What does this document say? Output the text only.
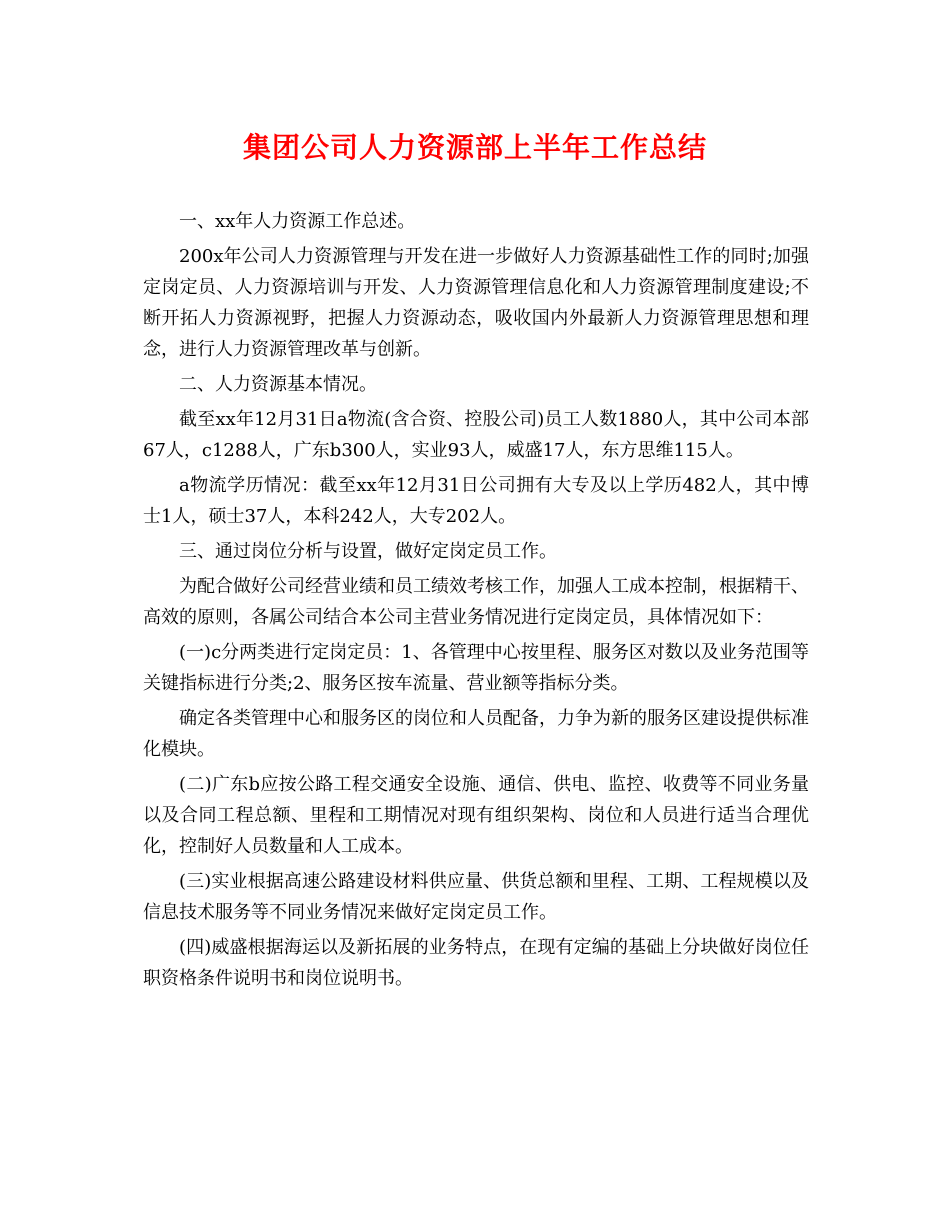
集团公司人力资源部上半年工作总结

一、xx年人力资源工作总述。

200x年公司人力资源管理与开发在进一步做好人力资源基础性工作的同时;加强定岗定员、人力资源培训与开发、人力资源管理信息化和人力资源管理制度建设;不断开拓人力资源视野，把握人力资源动态，吸收国内外最新人力资源管理思想和理念，进行人力资源管理改革与创新。

二、人力资源基本情况。

截至xx年12月31日a物流(含合资、控股公司)员工人数1880人，其中公司本部67人，c1288人，广东b300人，实业93人，威盛17人，东方思维115人。

a物流学历情况：截至xx年12月31日公司拥有大专及以上学历482人，其中博士1人，硕士37人，本科242人，大专202人。

三、通过岗位分析与设置，做好定岗定员工作。

为配合做好公司经营业绩和员工绩效考核工作，加强人工成本控制，根据精干、高效的原则，各属公司结合本公司主营业务情况进行定岗定员，具体情况如下：

(一)c分两类进行定岗定员：1、各管理中心按里程、服务区对数以及业务范围等关键指标进行分类;2、服务区按车流量、营业额等指标分类。

确定各类管理中心和服务区的岗位和人员配备，力争为新的服务区建设提供标准化模块。

(二)广东b应按公路工程交通安全设施、通信、供电、监控、收费等不同业务量以及合同工程总额、里程和工期情况对现有组织架构、岗位和人员进行适当合理优化，控制好人员数量和人工成本。

(三)实业根据高速公路建设材料供应量、供货总额和里程、工期、工程规模以及信息技术服务等不同业务情况来做好定岗定员工作。

(四)威盛根据海运以及新拓展的业务特点，在现有定编的基础上分块做好岗位任职资格条件说明书和岗位说明书。
